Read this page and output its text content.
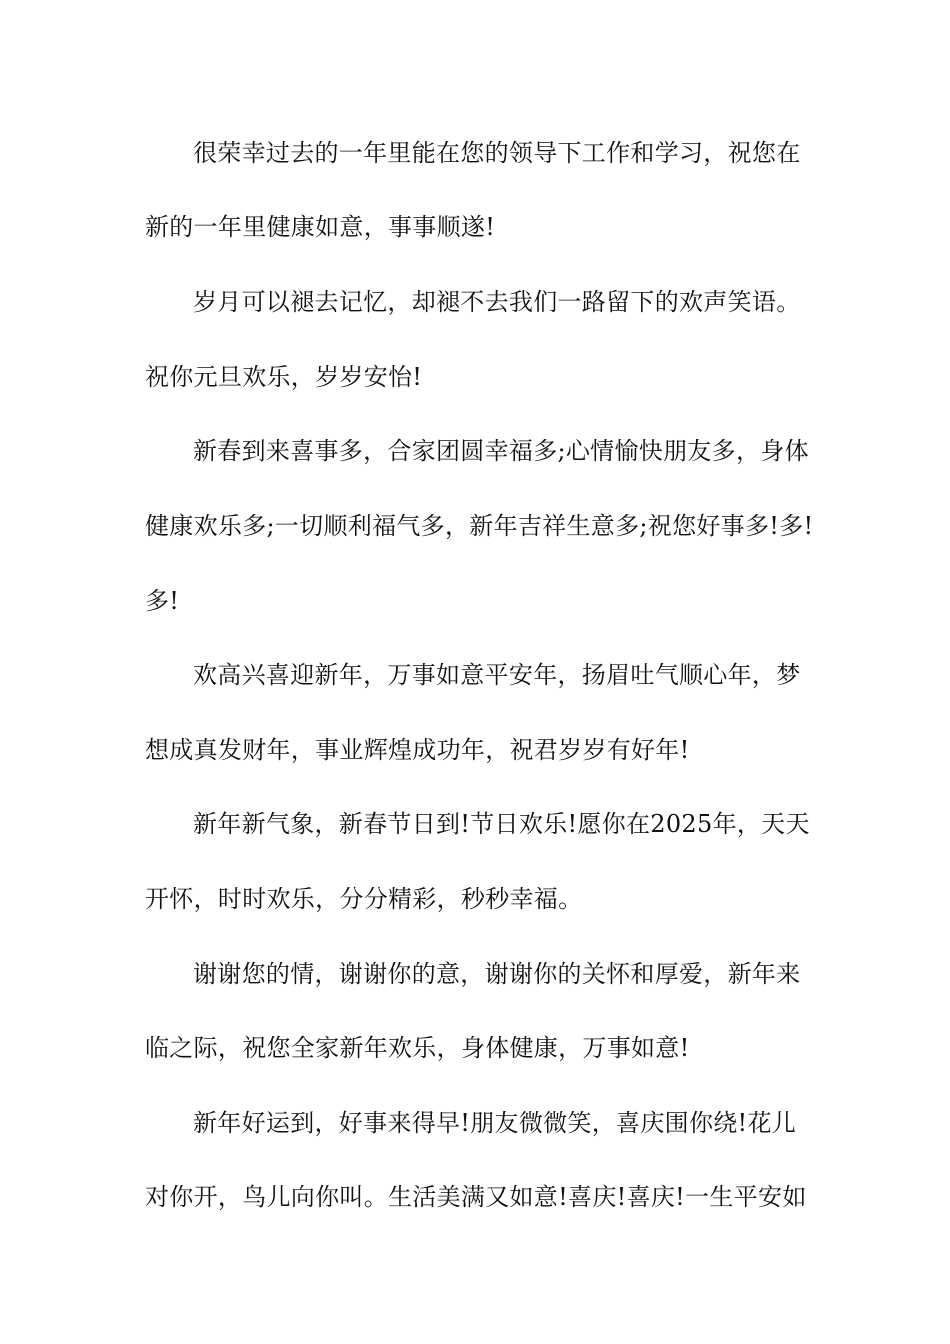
很荣幸过去的一年里能在您的领导下工作和学习，祝您在
新的一年里健康如意，事事顺遂!
岁月可以褪去记忆，却褪不去我们一路留下的欢声笑语。
祝你元旦欢乐，岁岁安怡!
新春到来喜事多，合家团圆幸福多;心情愉快朋友多，身体
健康欢乐多;一切顺利福气多，新年吉祥生意多;祝您好事多!多!
多!
欢高兴喜迎新年，万事如意平安年，扬眉吐气顺心年，梦
想成真发财年，事业辉煌成功年，祝君岁岁有好年!
新年新气象，新春节日到!节日欢乐!愿你在2025年，天天
开怀，时时欢乐，分分精彩，秒秒幸福。
谢谢您的情，谢谢你的意，谢谢你的关怀和厚爱，新年来
临之际，祝您全家新年欢乐，身体健康，万事如意!
新年好运到，好事来得早!朋友微微笑，喜庆围你绕!花儿
对你开，鸟儿向你叫。生活美满又如意!喜庆!喜庆!一生平安如
